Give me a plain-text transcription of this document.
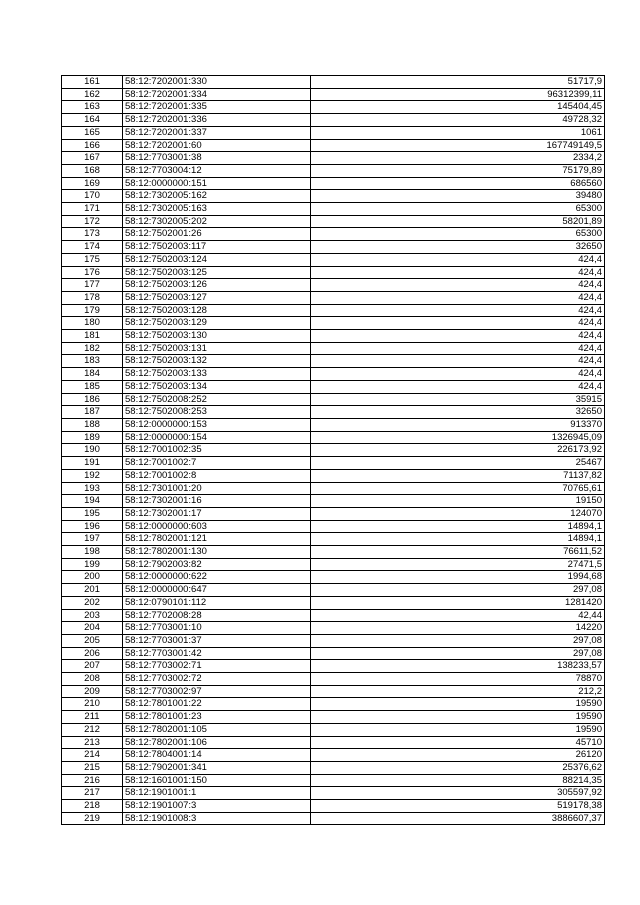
161	58:12:7202001:330	51717,9
162	58:12:7202001:334	96312399,11
163	58:12:7202001:335	145404,45
164	58:12:7202001:336	49728,32
165	58:12:7202001:337	1061
166	58:12:7202001:60	167749149,5
167	58:12:7703001:38	2334,2
168	58:12:7703004:12	75179,89
169	58:12:0000000:151	686560
170	58:12:7302005:162	39480
171	58:12:7302005:163	65300
172	58:12:7302005:202	58201,89
173	58:12:7502001:26	65300
174	58:12:7502003:117	32650
175	58:12:7502003:124	424,4
176	58:12:7502003:125	424,4
177	58:12:7502003:126	424,4
178	58:12:7502003:127	424,4
179	58:12:7502003:128	424,4
180	58:12:7502003:129	424,4
181	58:12:7502003:130	424,4
182	58:12:7502003:131	424,4
183	58:12:7502003:132	424,4
184	58:12:7502003:133	424,4
185	58:12:7502003:134	424,4
186	58:12:7502008:252	35915
187	58:12:7502008:253	32650
188	58:12:0000000:153	913370
189	58:12:0000000:154	1326945,09
190	58:12:7001002:35	226173,92
191	58:12:7001002:7	25467
192	58:12:7001002:8	71137,82
193	58:12:7301001:20	70765,61
194	58:12:7302001:16	19150
195	58:12:7302001:17	124070
196	58:12:0000000:603	14894,1
197	58:12:7802001:121	14894,1
198	58:12:7802001:130	76611,52
199	58:12:7902003:82	27471,5
200	58:12:0000000:622	1994,68
201	58:12:0000000:647	297,08
202	58:12:0790101:112	1281420
203	58:12:7702008:28	42,44
204	58:12:7703001:10	14220
205	58:12:7703001:37	297,08
206	58:12:7703001:42	297,08
207	58:12:7703002:71	138233,57
208	58:12:7703002:72	78870
209	58:12:7703002:97	212,2
210	58:12:7801001:22	19590
211	58:12:7801001:23	19590
212	58:12:7802001:105	19590
213	58:12:7802001:106	45710
214	58:12:7804001:14	26120
215	58:12:7902001:341	25376,62
216	58:12:1601001:150	88214,35
217	58:12:1901001:1	305597,92
218	58:12:1901007:3	519178,38
219	58:12:1901008:3	3886607,37
